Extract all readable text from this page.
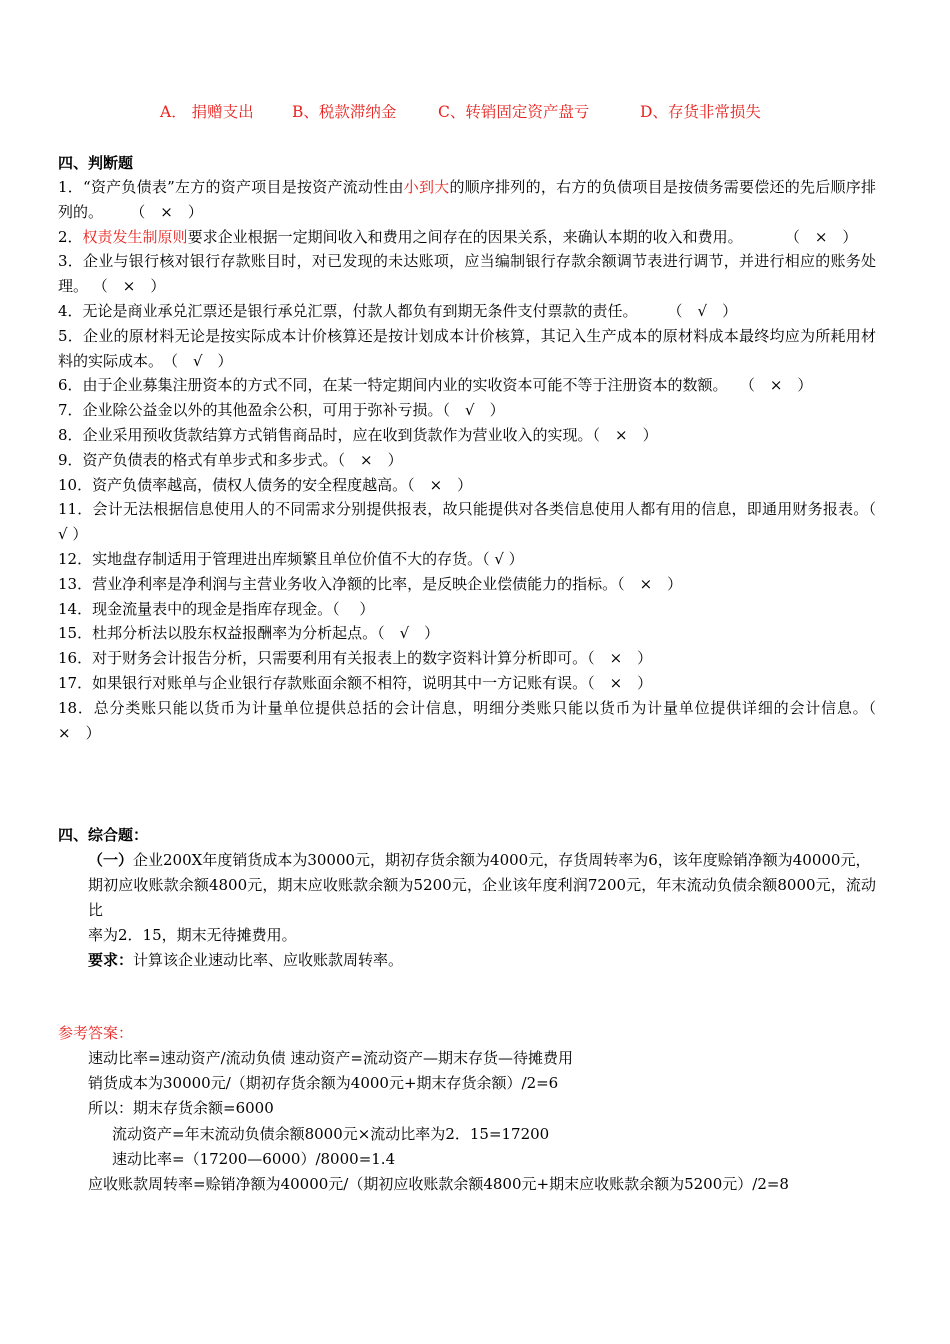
A． 捐赠支出 B、税款滞纳金	C、转销固定资产盘亏	D、存货非常损失
四、判断题
1．“资产负债表”左方的资产项目是按资产流动性由小到大的顺序排列的，右方的负债项目是按债务需要偿还的先后顺序排列的。 　　（　×　）
2．权责发生制原则要求企业根据一定期间收入和费用之间存在的因果关系，来确认本期的收入和费用。 　　　（　×　）
3．企业与银行核对银行存款账目时，对已发现的未达账项，应当编制银行存款余额调节表进行调节，并进行相应的账务处理。 （　×　）
4．无论是商业承兑汇票还是银行承兑汇票，付款人都负有到期无条件支付票款的责任。　　　（　√　）
5．企业的原材料无论是按实际成本计价核算还是按计划成本计价核算，其记入生产成本的原材料成本最终均应为所耗用材料的实际成本。　（　√　）
6．由于企业募集注册资本的方式不同，在某一特定期间内业的实收资本可能不等于注册资本的数额。 　（　×　）
7．企业除公益金以外的其他盈余公积，可用于弥补亏损。（　√　）
8．企业采用预收货款结算方式销售商品时，应在收到货款作为营业收入的实现。（　×　）
9．资产负债表的格式有单步式和多步式。（　×　）
10．资产负债率越高，债权人债务的安全程度越高。（　×　）
11．会计无法根据信息使用人的不同需求分别提供报表，故只能提供对各类信息使用人都有用的信息，即通用财务报表。（ √ ）
12．实地盘存制适用于管理进出库频繁且单位价值不大的存货。（ √ ）
13．营业净利率是净利润与主营业务收入净额的比率，是反映企业偿债能力的指标。（　×　）
14．现金流量表中的现金是指库存现金。（　 ）
15．杜邦分析法以股东权益报酬率为分析起点。（　√　）
16．对于财务会计报告分析，只需要利用有关报表上的数字资料计算分析即可。（　×　）
17．如果银行对账单与企业银行存款账面余额不相符，说明其中一方记账有误。（　×　）
18．总分类账只能以货币为计量单位提供总括的会计信息，明细分类账只能以货币为计量单位提供详细的会计信息。（　×　）
四、综合题：

（一）企业200X年度销货成本为30000元，期初存货余额为4000元，存货周转率为6，该年度赊销净额为40000元，

期初应收账款余额4800元，期末应收账款余额为5200元，企业该年度利润7200元，年末流动负债余额8000元，流动比

率为2．15，期末无待摊费用。

要求：计算该企业速动比率、应收账款周转率。

参考答案：
速动比率=速动资产/流动负债 速动资产=流动资产—期末存货—待摊费用
销货成本为30000元/（期初存货余额为4000元+期末存货余额）/2=6
所以：期末存货余额=6000
流动资产=年末流动负债余额8000元×流动比率为2．15=17200
速动比率=（17200—6000）/8000=1.4
应收账款周转率=赊销净额为40000元/（期初应收账款余额4800元+期末应收账款余额为5200元）/2=8
